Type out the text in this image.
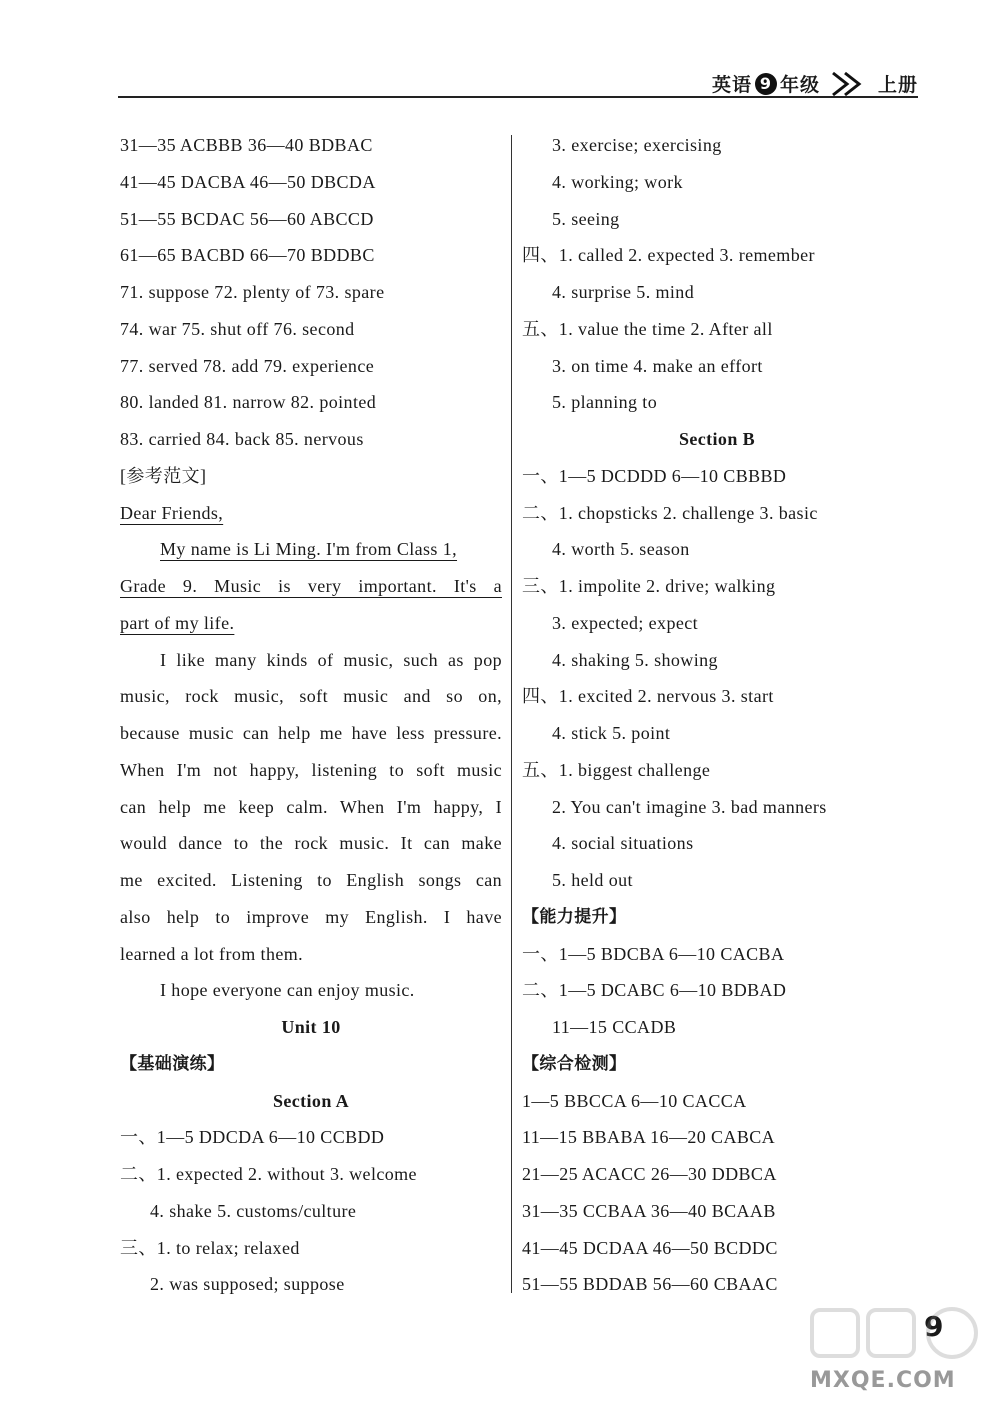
英语 9 年级	上册
31—35 ACBBB 36—40 BDBAC
41—45 DACBA 46—50 DBCDA
51—55 BCDAC 56—60 ABCCD
61—65 BACBD 66—70 BDDBC
71. suppose 72. plenty of 73. spare
74. war 75. shut off 76. second
77. served 78. add 79. experience
80. landed 81. narrow 82. pointed
83. carried 84. back 85. nervous
[参考范文]
Dear Friends,
My name is Li Ming. I'm from Class 1,
Grade 9. Music is very important. It's a
part of my life.
I like many kinds of music, such as pop
music, rock music, soft music and so on,
because music can help me have less pressure.
When I'm not happy, listening to soft music
can help me keep calm. When I'm happy, I
would dance to the rock music. It can make
me excited. Listening to English songs can
also help to improve my English. I have
learned a lot from them.
I hope everyone can enjoy music.
Unit 10
【基础演练】
Section A
一、1—5 DDCDA 6—10 CCBDD
二、1. expected 2. without 3. welcome
4. shake 5. customs/culture
三、1. to relax; relaxed
2. was supposed; suppose
3. exercise; exercising
4. working; work
5. seeing
四、1. called 2. expected 3. remember
4. surprise 5. mind
五、1. value the time 2. After all
3. on time 4. make an effort
5. planning to
Section B
一、1—5 DCDDD 6—10 CBBBD
二、1. chopsticks 2. challenge 3. basic
4. worth 5. season
三、1. impolite 2. drive; walking
3. expected; expect
4. shaking 5. showing
四、1. excited 2. nervous 3. start
4. stick 5. point
五、1. biggest challenge
2. You can't imagine 3. bad manners
4. social situations
5. held out
【能力提升】
一、1—5 BDCBA 6—10 CACBA
二、1—5 DCABC 6—10 BDBAD
11—15 CCADB
【综合检测】
1—5 BBCCA 6—10 CACCA
11—15 BBABA 16—20 CABCA
21—25 ACACC 26—30 DDBCA
31—35 CCBAA 36—40 BCAAB
41—45 DCDAA 46—50 BCDDC
51—55 BDDAB 56—60 CBAAC
9
MXQE.COM
